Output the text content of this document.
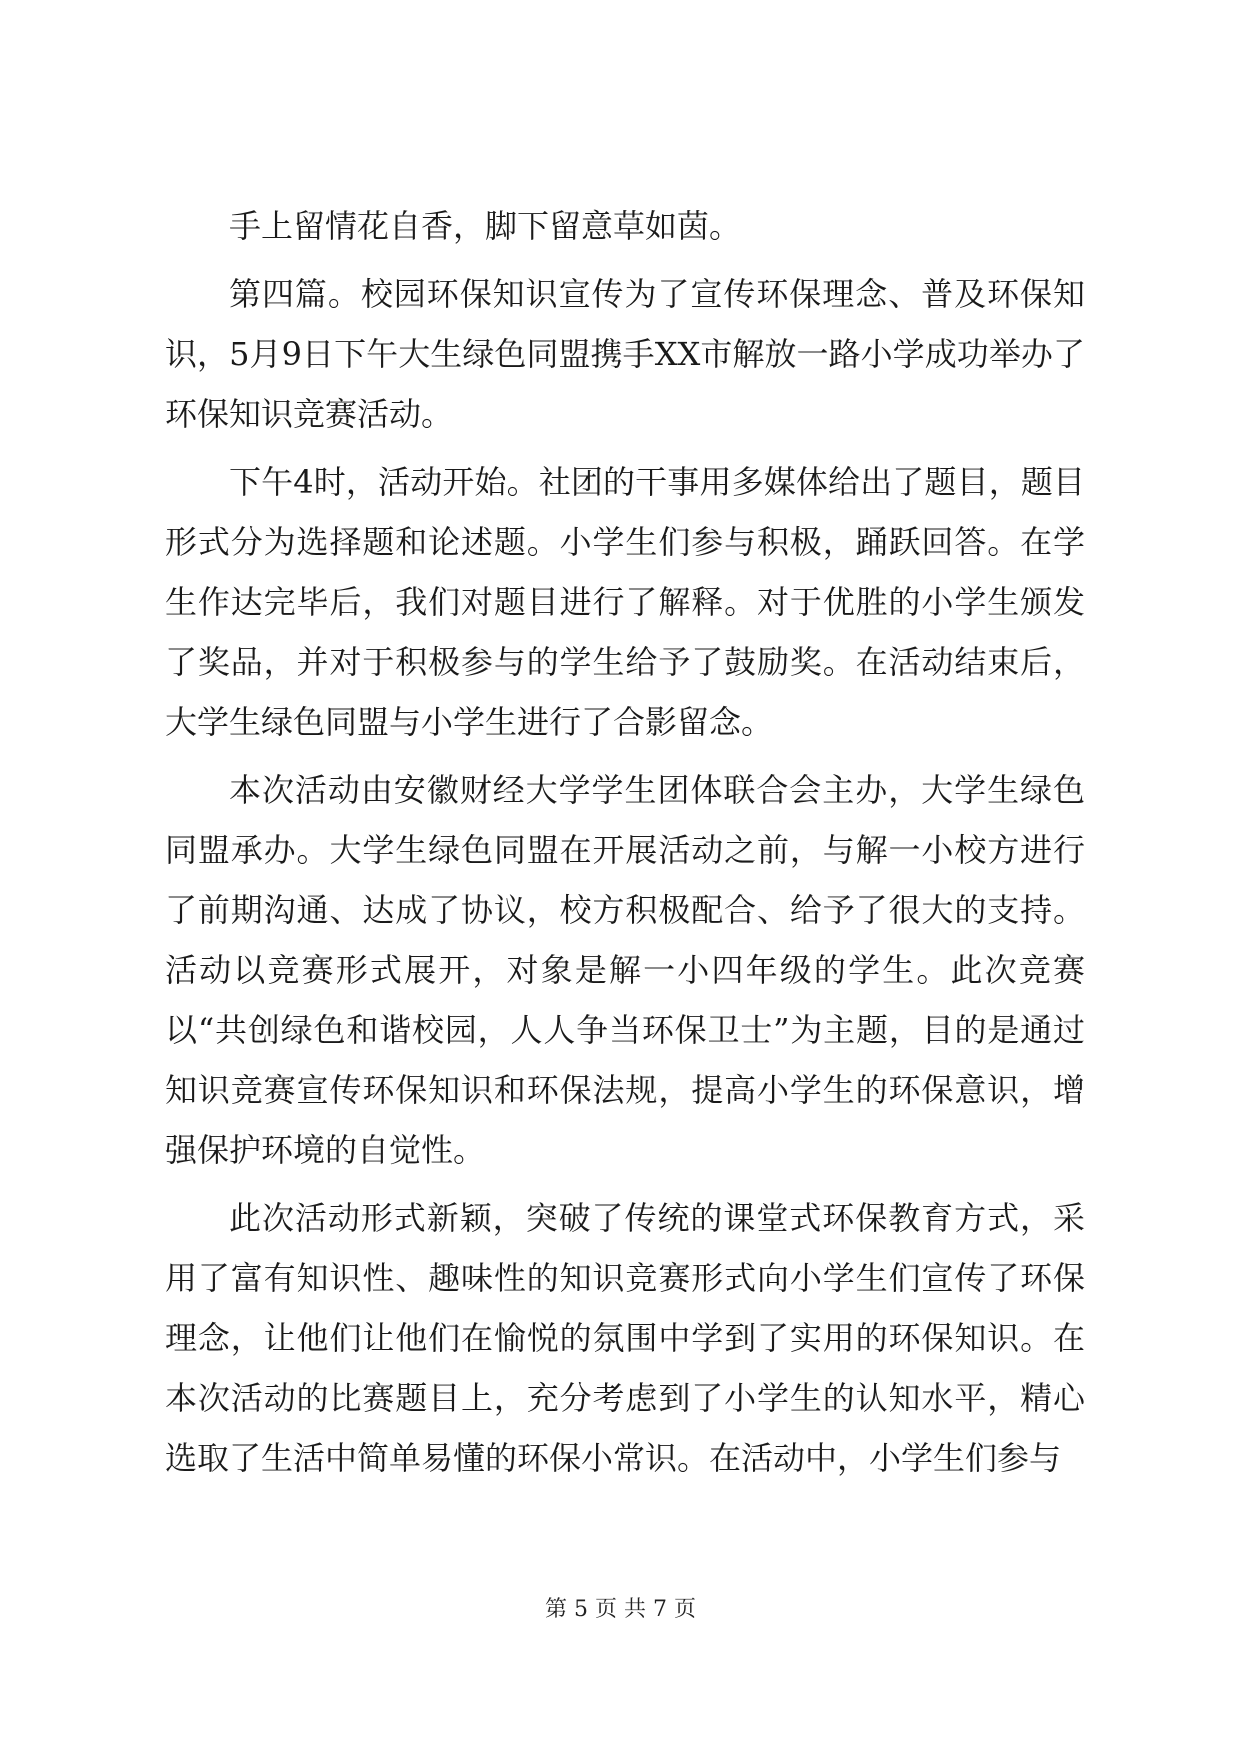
手上留情花自香，脚下留意草如茵。

第四篇。校园环保知识宣传为了宣传环保理念、普及环保知识，5月9日下午大生绿色同盟携手XX市解放一路小学成功举办了环保知识竞赛活动。

下午4时，活动开始。社团的干事用多媒体给出了题目，题目形式分为选择题和论述题。小学生们参与积极，踊跃回答。在学生作达完毕后，我们对题目进行了解释。对于优胜的小学生颁发了奖品，并对于积极参与的学生给予了鼓励奖。在活动结束后，大学生绿色同盟与小学生进行了合影留念。

本次活动由安徽财经大学学生团体联合会主办，大学生绿色同盟承办。大学生绿色同盟在开展活动之前，与解一小校方进行了前期沟通、达成了协议，校方积极配合、给予了很大的支持。活动以竞赛形式展开，对象是解一小四年级的学生。此次竞赛以“共创绿色和谐校园，人人争当环保卫士”为主题，目的是通过知识竞赛宣传环保知识和环保法规，提高小学生的环保意识，增强保护环境的自觉性。

此次活动形式新颖，突破了传统的课堂式环保教育方式，采用了富有知识性、趣味性的知识竞赛形式向小学生们宣传了环保理念，让他们让他们在愉悦的氛围中学到了实用的环保知识。在本次活动的比赛题目上，充分考虑到了小学生的认知水平，精心选取了生活中简单易懂的环保小常识。在活动中，小学生们参与

第 5 页 共 7 页
